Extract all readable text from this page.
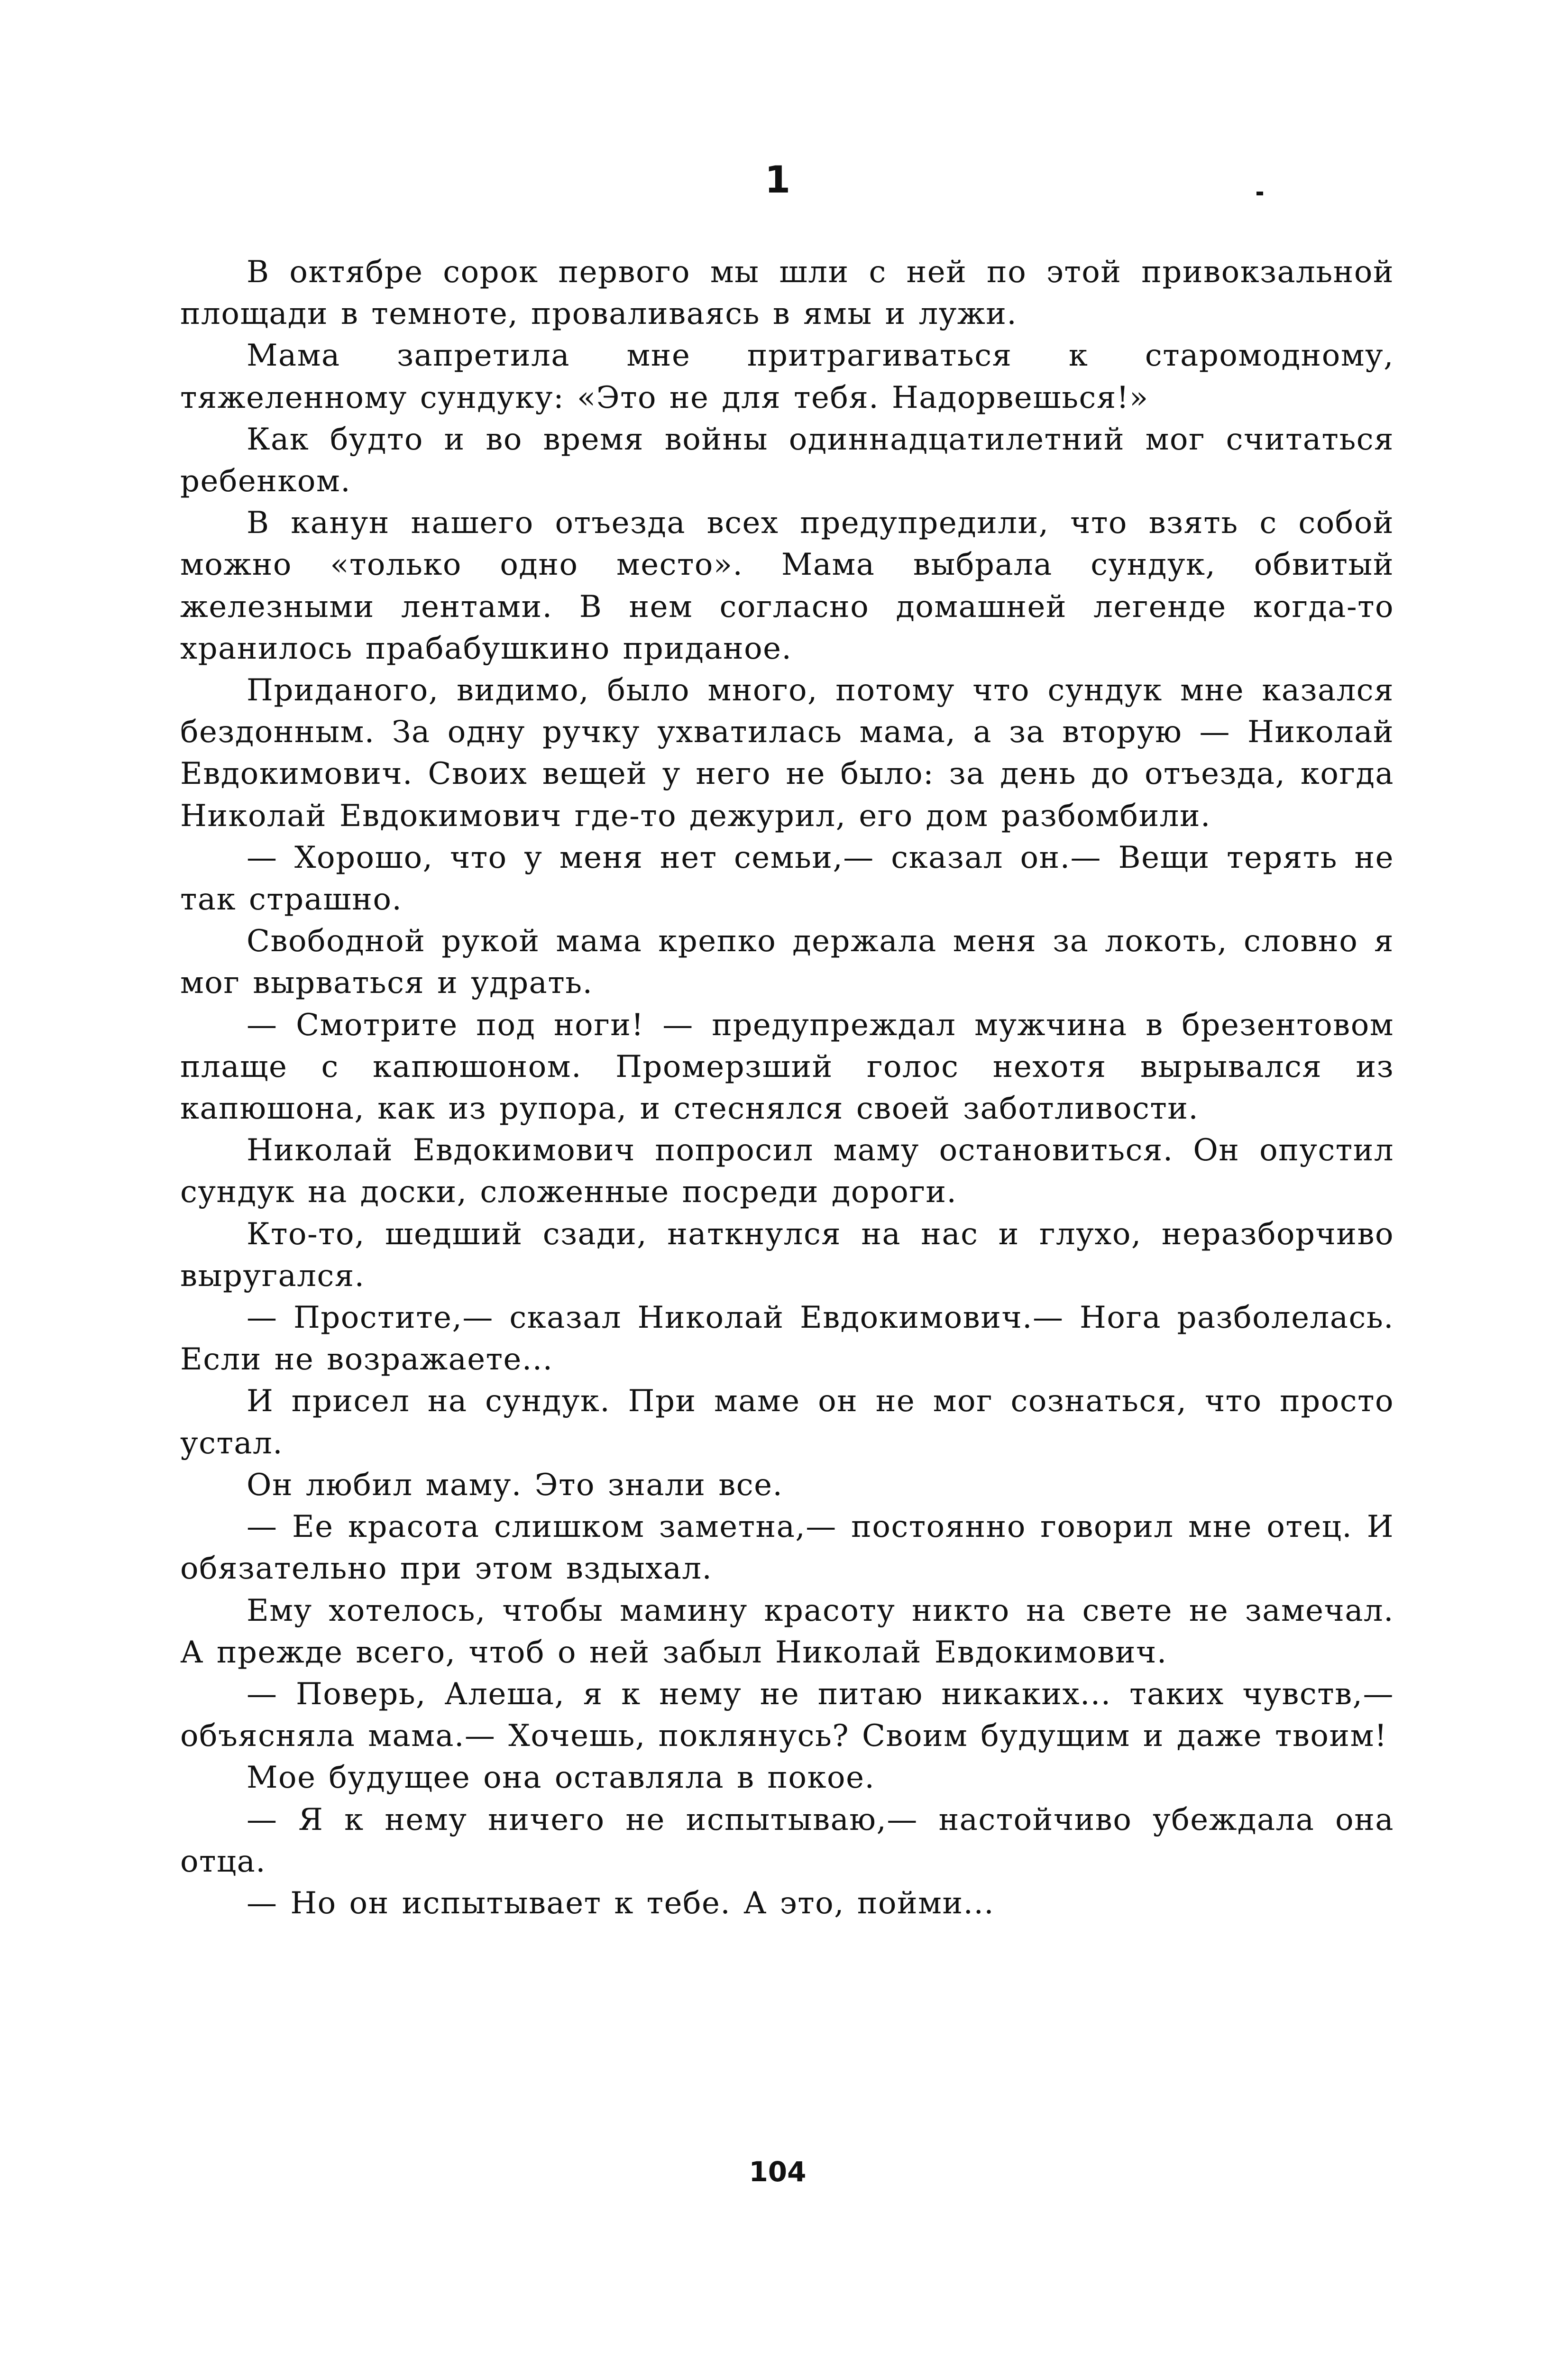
1

В октябре сорок первого мы шли с ней по этой привокзальной площади в темноте, проваливаясь в ямы и лужи.

Мама запретила мне притрагиваться к старомодному, тяжеленному сундуку: «Это не для тебя. Надорвешься!»

Как будто и во время войны одиннадцатилетний мог считаться ребенком.

В канун нашего отъезда всех предупредили, что взять с собой можно «только одно место». Мама выбрала сундук, обвитый железными лентами. В нем согласно домашней легенде когда-то хранилось прабабушкино приданое.

Приданого, видимо, было много, потому что сундук мне казался бездонным. За одну ручку ухватилась мама, а за вторую — Николай Евдокимович. Своих вещей у него не было: за день до отъезда, когда Николай Евдокимович где-то дежурил, его дом разбомбили.

— Хорошо, что у меня нет семьи,— сказал он.— Вещи терять не так страшно.

Свободной рукой мама крепко держала меня за локоть, словно я мог вырваться и удрать.

— Смотрите под ноги! — предупреждал мужчина в брезентовом плаще с капюшоном. Промерзший голос нехотя вырывался из капюшона, как из рупора, и стеснялся своей заботливости.

Николай Евдокимович попросил маму остановиться. Он опустил сундук на доски, сложенные посреди дороги.

Кто-то, шедший сзади, наткнулся на нас и глухо, неразборчиво выругался.

— Простите,— сказал Николай Евдокимович.— Нога разболелась. Если не возражаете...

И присел на сундук. При маме он не мог сознаться, что просто устал.

Он любил маму. Это знали все.

— Ее красота слишком заметна,— постоянно говорил мне отец. И обязательно при этом вздыхал.

Ему хотелось, чтобы мамину красоту никто на свете не замечал. А прежде всего, чтоб о ней забыл Николай Евдокимович.

— Поверь, Алеша, я к нему не питаю никаких... таких чувств,— объясняла мама.— Хочешь, поклянусь? Своим будущим и даже твоим!

Мое будущее она оставляла в покое.

— Я к нему ничего не испытываю,— настойчиво убеждала она отца.

— Но он испытывает к тебе. А это, пойми...

104
